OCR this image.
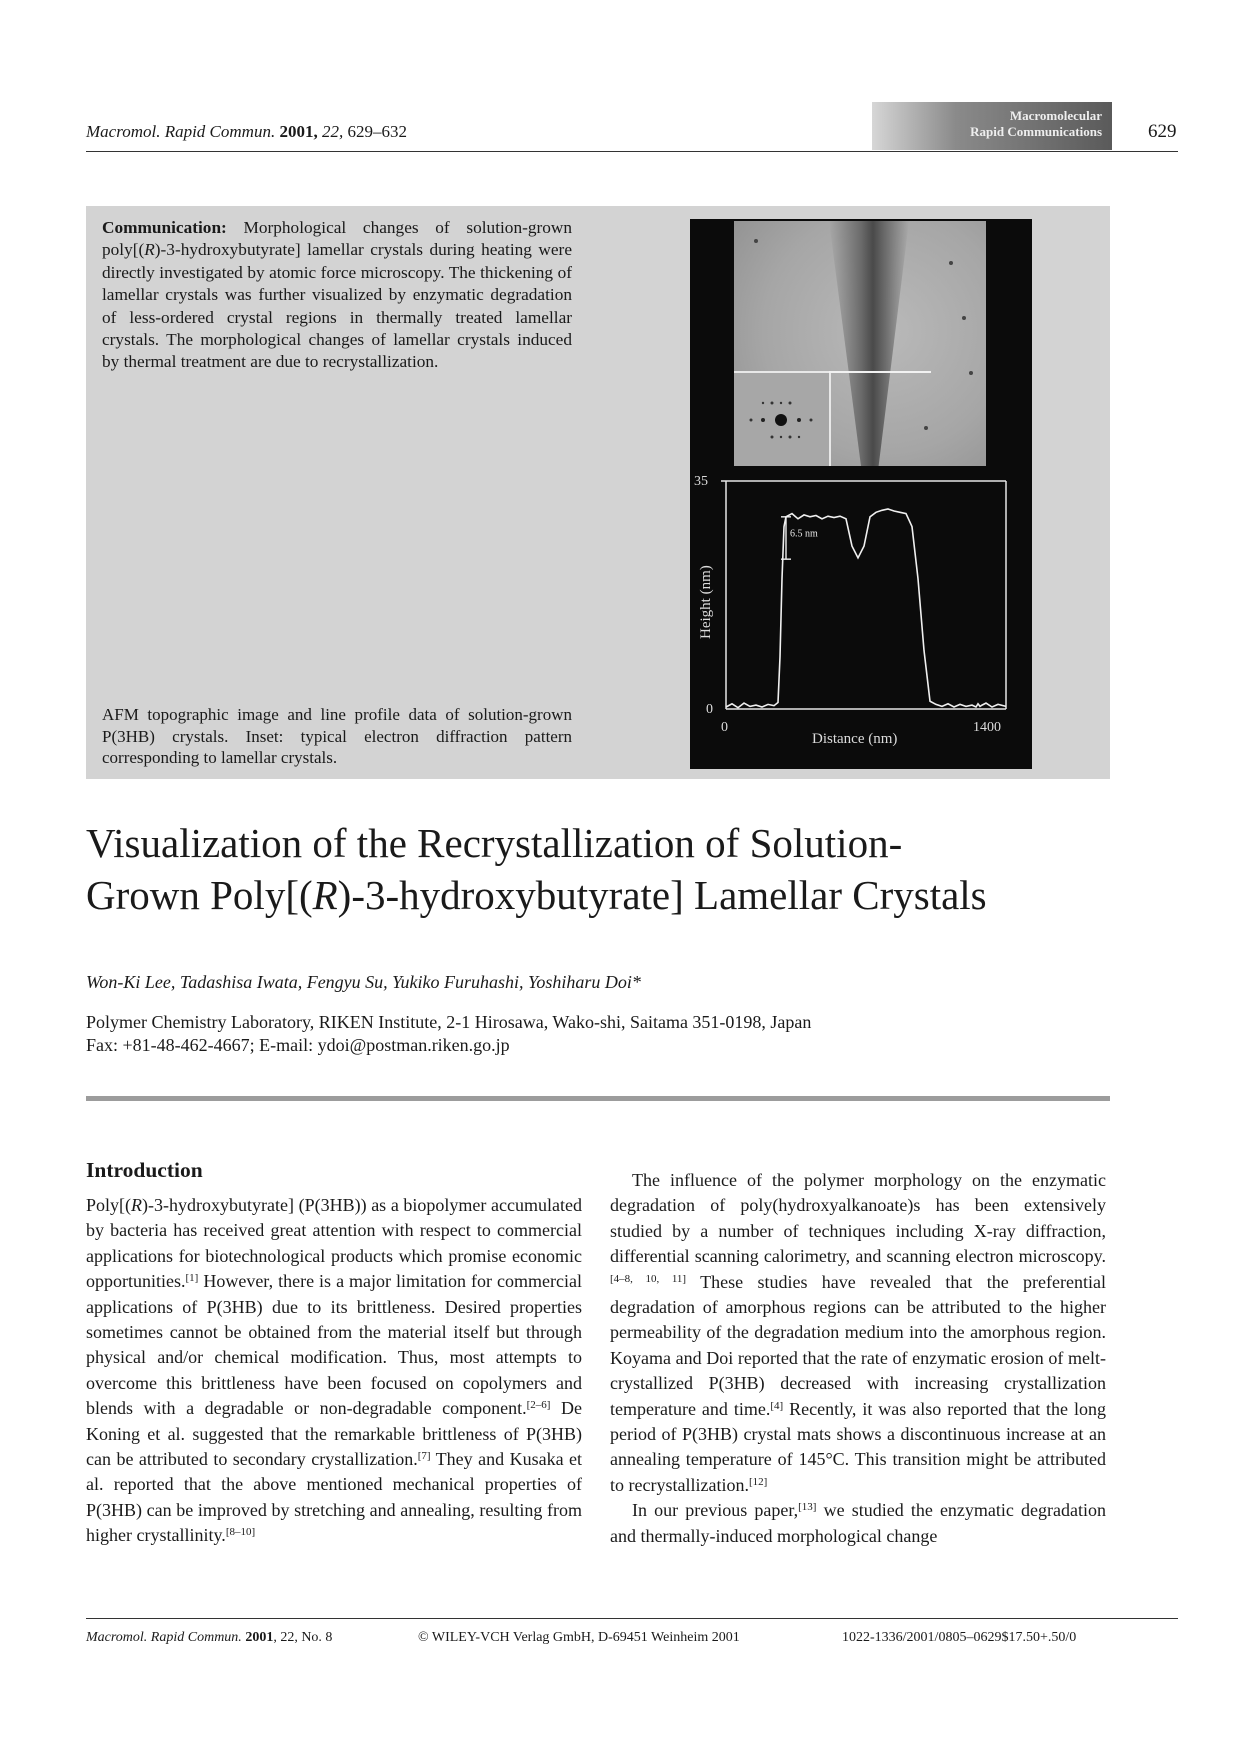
Macromol. Rapid Commun. 2001, 22, 629–632
Macromolecular
Rapid Communications 629
Communication: Morphological changes of solution-grown poly[(R)-3-hydroxybutyrate] lamellar crystals during heating were directly investigated by atomic force microscopy. The thickening of lamellar crystals was further visualized by enzymatic degradation of less-ordered crystal regions in thermally treated lamellar crystals. The morphological changes of lamellar crystals induced by thermal treatment are due to recrystallization.
AFM topographic image and line profile data of solution-grown P(3HB) crystals. Inset: typical electron diffraction pattern corresponding to lamellar crystals.
6.5 nm
35
0
0	1400
Distance (nm)
Height (nm)
Visualization of the Recrystallization of Solution-
Grown Poly[(R)-3-hydroxybutyrate] Lamellar Crystals
Won-Ki Lee, Tadashisa Iwata, Fengyu Su, Yukiko Furuhashi, Yoshiharu Doi*
Polymer Chemistry Laboratory, RIKEN Institute, 2-1 Hirosawa, Wako-shi, Saitama 351-0198, Japan
Fax: +81-48-462-4667; E-mail: ydoi@postman.riken.go.jp
Introduction

Poly[(R)-3-hydroxybutyrate] (P(3HB)) as a biopolymer accumulated by bacteria has received great attention with respect to commercial applications for biotechnological products which promise economic opportunities.[1] However, there is a major limitation for commercial applications of P(3HB) due to its brittleness. Desired properties sometimes cannot be obtained from the material itself but through physical and/or chemical modification. Thus, most attempts to overcome this brittleness have been focused on copolymers and blends with a degradable or non-degradable component.[2–6] De Koning et al. suggested that the remarkable brittleness of P(3HB) can be attributed to secondary crystallization.[7] They and Kusaka et al. reported that the above mentioned mechanical properties of P(3HB) can be improved by stretching and annealing, resulting from higher crystallinity.[8–10]

The influence of the polymer morphology on the enzymatic degradation of poly(hydroxyalkanoate)s has been extensively studied by a number of techniques including X-ray diffraction, differential scanning calorimetry, and scanning electron microscopy.[4–8, 10, 11] These studies have revealed that the preferential degradation of amorphous regions can be attributed to the higher permeability of the degradation medium into the amorphous region. Koyama and Doi reported that the rate of enzymatic erosion of melt-crystallized P(3HB) decreased with increasing crystallization temperature and time.[4] Recently, it was also reported that the long period of P(3HB) crystal mats shows a discontinuous increase at an annealing temperature of 145°C. This transition might be attributed to recrystallization.[12]

In our previous paper,[13] we studied the enzymatic degradation and thermally-induced morphological change

Macromol. Rapid Commun. 2001, 22, No. 8	© WILEY-VCH Verlag GmbH, D-69451 Weinheim 2001	1022-1336/2001/0805–0629$17.50+.50/0
